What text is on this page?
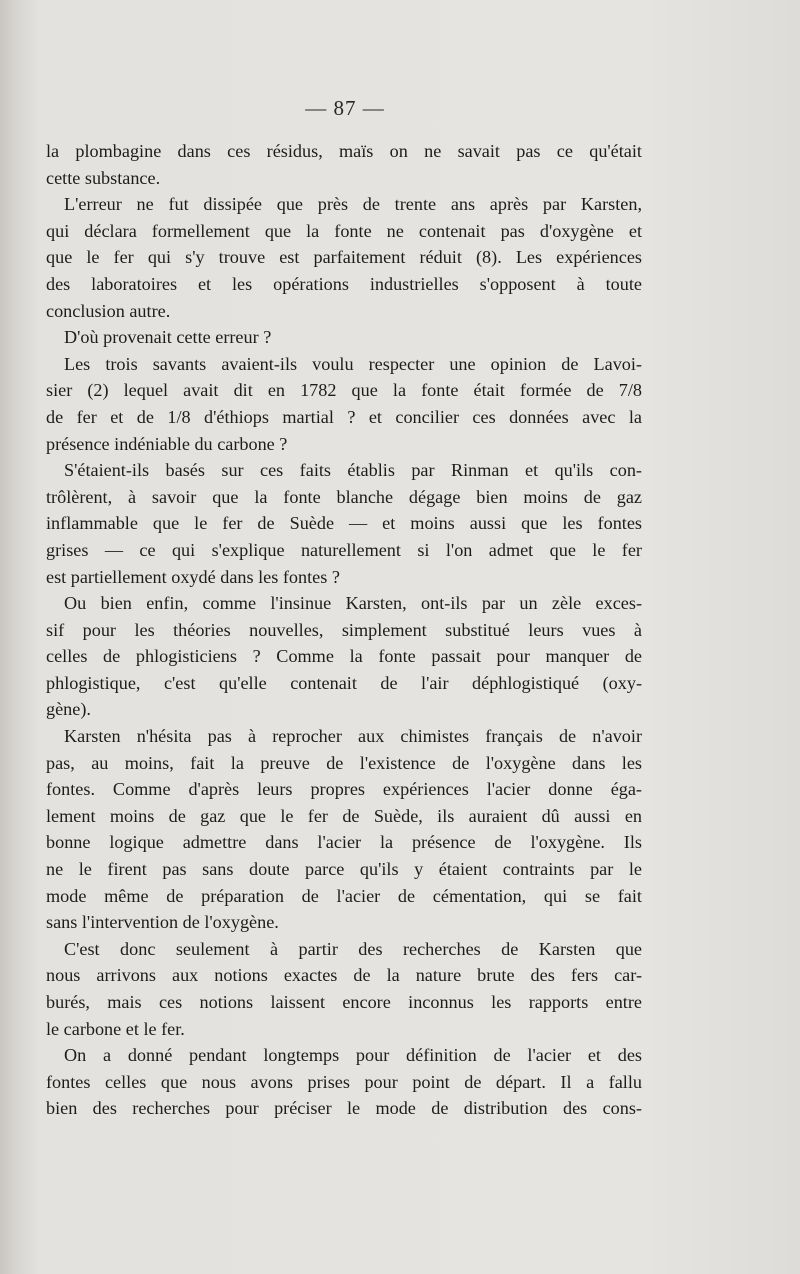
— 87 —
la plombagine dans ces résidus, maïs on ne savait pas ce qu'était
cette substance.
L'erreur ne fut dissipée que près de trente ans après par Karsten,
qui déclara formellement que la fonte ne contenait pas d'oxygène et
que le fer qui s'y trouve est parfaitement réduit (8). Les expériences
des laboratoires et les opérations industrielles s'opposent à toute
conclusion autre.
D'où provenait cette erreur ?
Les trois savants avaient-ils voulu respecter une opinion de Lavoi-
sier (2) lequel avait dit en 1782 que la fonte était formée de 7/8
de fer et de 1/8 d'éthiops martial ? et concilier ces données avec la
présence indéniable du carbone ?
S'étaient-ils basés sur ces faits établis par Rinman et qu'ils con-
trôlèrent, à savoir que la fonte blanche dégage bien moins de gaz
inflammable que le fer de Suède — et moins aussi que les fontes
grises — ce qui s'explique naturellement si l'on admet que le fer
est partiellement oxydé dans les fontes ?
Ou bien enfin, comme l'insinue Karsten, ont-ils par un zèle exces-
sif pour les théories nouvelles, simplement substitué leurs vues à
celles de phlogisticiens ? Comme la fonte passait pour manquer de
phlogistique, c'est qu'elle contenait de l'air déphlogistiqué (oxy-
gène).
Karsten n'hésita pas à reprocher aux chimistes français de n'avoir
pas, au moins, fait la preuve de l'existence de l'oxygène dans les
fontes. Comme d'après leurs propres expériences l'acier donne éga-
lement moins de gaz que le fer de Suède, ils auraient dû aussi en
bonne logique admettre dans l'acier la présence de l'oxygène. Ils
ne le firent pas sans doute parce qu'ils y étaient contraints par le
mode même de préparation de l'acier de cémentation, qui se fait
sans l'intervention de l'oxygène.
C'est donc seulement à partir des recherches de Karsten que
nous arrivons aux notions exactes de la nature brute des fers car-
burés, mais ces notions laissent encore inconnus les rapports entre
le carbone et le fer.
On a donné pendant longtemps pour définition de l'acier et des
fontes celles que nous avons prises pour point de départ. Il a fallu
bien des recherches pour préciser le mode de distribution des cons-
